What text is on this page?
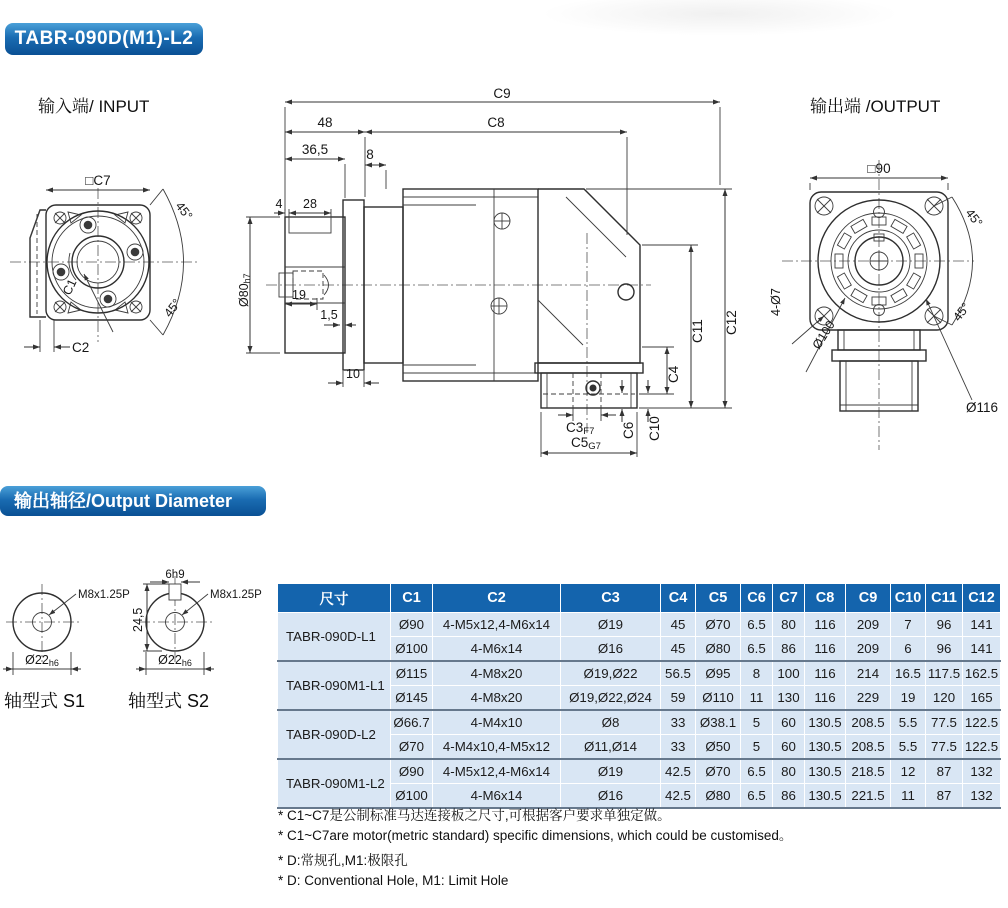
TABR-090D(M1)-L2
输入端/ INPUT	输出端 /OUTPUT
□C7
45°
45°
C1
C2
C9
48	C8
36,5	8
4 28
Ø80h7
19
1,5
10
C12
C11
C4
C10
C6
C3F7
C5G7
□90
45°
45°
4-Ø7
Ø100
Ø116
输出轴径/Output Diameter
M8x1.25P
Ø22h6
6h9
24,5
M8x1.25P
Ø22h6
轴型式 S1 轴型式 S2
尺寸	C1	C2	C3	C4	C5	C6	C7	C8	C9	C10	C11	C12
TABR-090D-L1	Ø90	4-M5x12,4-M6x14	Ø19	45	Ø70	6.5	80	116	209	7	96	141
	Ø100	4-M6x14	Ø16	45	Ø80	6.5	86	116	209	6	96	141
TABR-090M1-L1	Ø115	4-M8x20	Ø19,Ø22	56.5	Ø95	8	100	116	214	16.5	117.5	162.5
	Ø145	4-M8x20	Ø19,Ø22,Ø24	59	Ø110	11	130	116	229	19	120	165
TABR-090D-L2	Ø66.7	4-M4x10	Ø8	33	Ø38.1	5	60	130.5	208.5	5.5	77.5	122.5
	Ø70	4-M4x10,4-M5x12	Ø11,Ø14	33	Ø50	5	60	130.5	208.5	5.5	77.5	122.5
TABR-090M1-L2	Ø90	4-M5x12,4-M6x14	Ø19	42.5	Ø70	6.5	80	130.5	218.5	12	87	132
	Ø100	4-M6x14	Ø16	42.5	Ø80	6.5	86	130.5	221.5	11	87	132
* C1~C7是公制标准马达连接板之尺寸,可根据客户要求单独定做。
* C1~C7are motor(metric standard) specific dimensions, which could be customised。
* D:常规孔,M1:极限孔
* D: Conventional Hole, M1: Limit Hole
